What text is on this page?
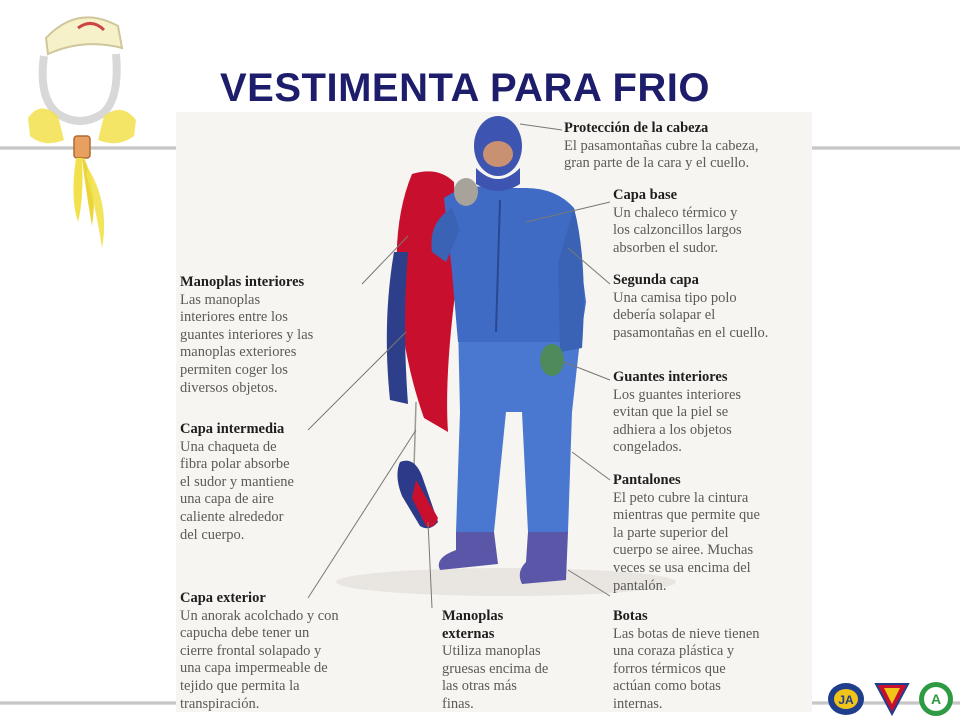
VESTIMENTA PARA FRIO
Protección de la cabeza
El pasamontañas cubre la cabeza,
gran parte de la cara y el cuello.
Capa base
Un chaleco térmico y
los calzoncillos largos
absorben el sudor.
Segunda capa
Una camisa tipo polo
debería solapar el
pasamontañas en el cuello.
Guantes interiores
Los guantes interiores
evitan que la piel se
adhiera a los objetos
congelados.
Pantalones
El peto cubre la cintura
mientras que permite que
la parte superior del
cuerpo se airee. Muchas
veces se usa encima del
pantalón.
Botas
Las botas de nieve tienen
una coraza plástica y
forros térmicos que
actúan como botas
internas.
Manoplas interiores
Las manoplas
interiores entre los
guantes interiores y las
manoplas exteriores
permiten coger los
diversos objetos.
Capa intermedia
Una chaqueta de
fibra polar absorbe
el sudor y mantiene
una capa de aire
caliente alrededor
del cuerpo.
Capa exterior
Un anorak acolchado y con
capucha debe tener un
cierre frontal solapado y
una capa impermeable de
tejido que permita la
transpiración.
Manoplas
externas
Utiliza manoplas
gruesas encima de
las otras más
finas.	JA	A
